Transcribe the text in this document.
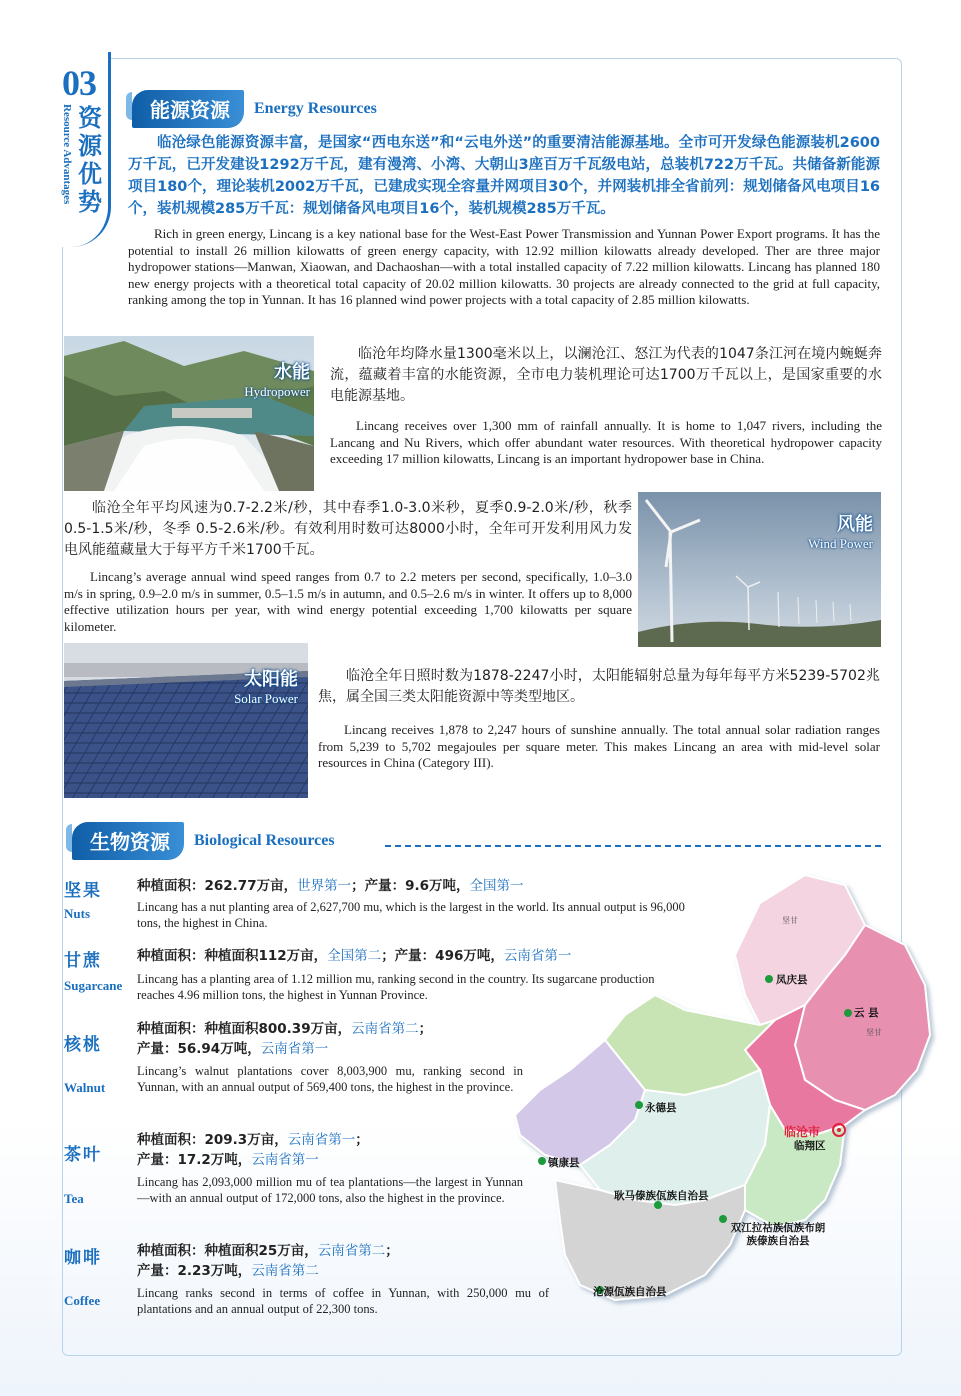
03
资源优势
Resource Advantages	能源资源	Energy Resources
临沧绿色能源资源丰富，是国家“西电东送”和“云电外送”的重要清洁能源基地。全市可开发绿色能源装机2600万千瓦，已开发建设1292万千瓦，建有漫湾、小湾、大朝山3座百万千瓦级电站，总装机722万千瓦。共储备新能源项目180个，理论装机2002万千瓦，已建成实现全容量并网项目30个，并网装机排全省前列：规划储备风电项目16个，装机规模285万千瓦：规划储备风电项目16个，装机规模285万千瓦。
Rich in green energy, Lincang is a key national base for the West-East Power Transmission and Yunnan Power Export programs. It has the potential to install 26 million kilowatts of green energy capacity, with 12.92 million kilowatts already developed. Ther are three major hydropower stations—Manwan, Xiaowan, and Dachaoshan—with a total installed capacity of 7.22 million kilowatts. Lincang has planned 180 new energy projects with a theoretical total capacity of 20.02 million kilowatts. 30 projects are already connected to the grid at full capacity, ranking among the top in Yunnan. It has 16 planned wind power projects with a total capacity of 2.85 million kilowatts.
水能
Hydropower
临沧年均降水量1300毫米以上，以澜沧江、怒江为代表的1047条江河在境内蜿蜒奔流，蕴藏着丰富的水能资源，全市电力装机理论可达1700万千瓦以上，是国家重要的水电能源基地。
Lincang receives over 1,300 mm of rainfall annually. It is home to 1,047 rivers, including the Lancang and Nu Rivers, which offer abundant water resources. With theoretical hydropower capacity exceeding 17 million kilowatts, Lincang is an important hydropower base in China.
临沧全年平均风速为0.7-2.2米/秒，其中春季1.0-3.0米秒，夏季0.9-2.0米/秒，秋季0.5-1.5米/秒，冬季 0.5-2.6米/秒。有效利用时数可达8000小时，全年可开发利用风力发电风能蕴藏量大于每平方千米1700千瓦。
Lincang’s average annual wind speed ranges from 0.7 to 2.2 meters per second, specifically, 1.0–3.0 m/s in spring, 0.9–2.0 m/s in summer, 0.5–1.5 m/s in autumn, and 0.5–2.6 m/s in winter. It offers up to 8,000 effective utilization hours per year, with wind energy potential exceeding 1,700 kilowatts per square kilometer.
风能
Wind Power
太阳能
Solar Power
临沧全年日照时数为1878-2247小时，太阳能辐射总量为每年每平方米5239-5702兆焦，属全国三类太阳能资源中等类型地区。
Lincang receives 1,878 to 2,247 hours of sunshine annually. The total annual solar radiation ranges from 5,239 to 5,702 megajoules per square meter. This makes Lincang an area with mid-level solar resources in China (Category III).
生物资源	Biological Resources
凤庆县
云 县
永德县
镇康县
临沧市
临翔区
耿马傣族佤族自治县
双江拉祜族佤族布朗族傣族自治县
沧源佤族自治县
坚 甘
坚甘
坚果
Nuts
种植面积：262.77万亩，世界第一；产量：9.6万吨，全国第一
Lincang has a nut planting area of 2,627,700 mu, which is the largest in the world. Its annual output is 96,000 tons, the highest in China.
甘蔗
Sugarcane
种植面积：种植面积112万亩，全国第二；产量：496万吨，云南省第一
Lincang has a planting area of 1.12 million mu, ranking second in the country. Its sugarcane production reaches 4.96 million tons, the highest in Yunnan Province.
核桃
Walnut
种植面积：种植面积800.39万亩，云南省第二；
产量：56.94万吨，云南省第一
Lincang’s walnut plantations cover 8,003,900 mu, ranking second in Yunnan, with an annual output of 569,400 tons, the highest in the province.
茶叶
Tea
种植面积：209.3万亩，云南省第一；
产量：17.2万吨，云南省第一
Lincang has 2,093,000 million mu of tea plantations—the largest in Yunnan—with an annual output of 172,000 tons, also the highest in the province.
咖啡
Coffee
种植面积：种植面积25万亩，云南省第二；
产量：2.23万吨，云南省第二
Lincang ranks second in terms of coffee in Yunnan, with 250,000 mu of plantations and an annual output of 22,300 tons.
